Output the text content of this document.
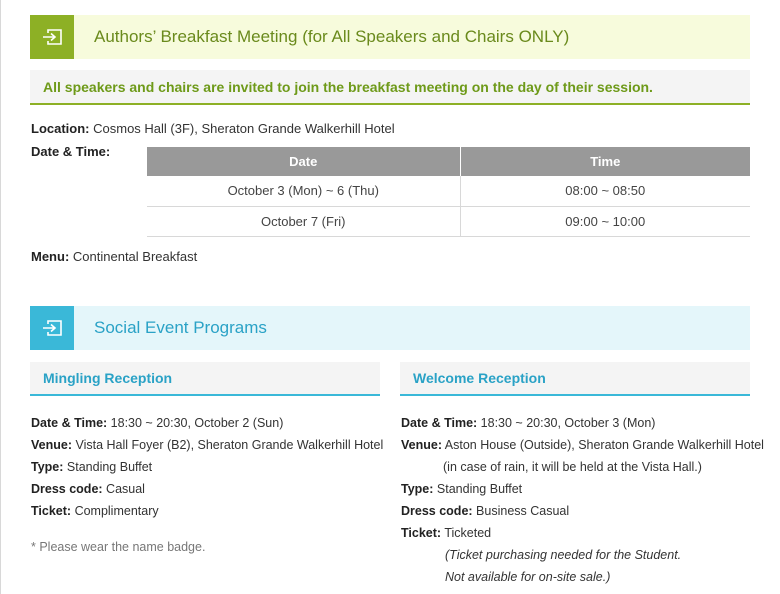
Authors’ Breakfast Meeting (for All Speakers and Chairs ONLY)
All speakers and chairs are invited to join the breakfast meeting on the day of their session.
Location: Cosmos Hall (3F), Sheraton Grande Walkerhill Hotel
Date & Time:
Date	Time
October 3 (Mon) ~ 6 (Thu)	08:00 ~ 08:50
October 7 (Fri)	09:00 ~ 10:00
Menu: Continental Breakfast
Social Event Programs
Mingling Reception
Date & Time: 18:30 ~ 20:30, October 2 (Sun)
Venue: Vista Hall Foyer (B2), Sheraton Grande Walkerhill Hotel
Type: Standing Buffet
Dress code: Casual
Ticket: Complimentary
* Please wear the name badge.
Welcome Reception
Date & Time: 18:30 ~ 20:30, October 3 (Mon)
Venue: Aston House (Outside), Sheraton Grande Walkerhill Hotel
(in case of rain, it will be held at the Vista Hall.)
Type: Standing Buffet
Dress code: Business Casual
Ticket: Ticketed
(Ticket purchasing needed for the Student.
Not available for on-site sale.)
